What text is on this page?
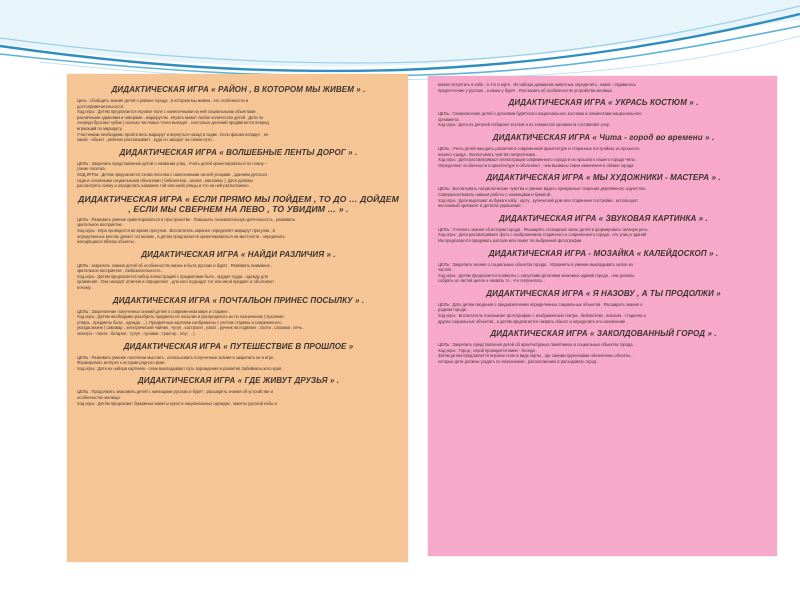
ДИДАКТИЧЕСКАЯ ИГРА « РАЙОН , В КОТОРОМ МЫ ЖИВЕМ » .
Цель : обобщить знания детей о районе города , в котором мы живем , его особенности и
достопримечательности .
Ход игры : Детям предлагается игровое поле с нанесенными на ней социальными объектами ,
различными зданиями и скверами , маршрутом . Играть может любое количество детей . Дети по
очереди бросают кубик ( сколько числовых точек выпадет , настолько делений продвигается вперед
играющий по маршруту .
Участникам необходимо пройти весь маршрут и вернуться назад в садик . Если фишка попадет , не
какой - объект , ребенок рассказывает , куда он заходит на своем пути .
ДИДАКТИЧЕСКАЯ ИГРА « ВОЛШЕБНЫЕ ЛЕНТЫ ДОРОГ » .
ЦЕЛЬ : Закрепить представления детей о названии улиц . Учить детей ориентироваться по плану –
схеме поселка .
ХОД ИГРЫ : Детям предлагается схема поселка с нанесенными на ней улицами , зданием детского
сада и основными социальными объектами ( библиотека , школа , магазины ). Дети должны
рассмотреть схему и определить название той или иной улицы и что на ней расположено .
ДИДАКТИЧЕСКАЯ ИГРА « ЕСЛИ ПРЯМО МЫ ПОЙДЕМ , ТО ДО … ДОЙДЕМ , ЕСЛИ МЫ СВЕРНЕМ НА ЛЕВО , ТО УВИДИМ … » .
ЦЕЛЬ : Развивать умение ориентироваться в пространстве . Повышать познавательную деятельность , развивать
зрительное восприятие .
Ход игры : Игра проводится во время прогулки . Воспитатель заранее определяет маршрут прогулки , в
определенных местах делает остановки , а детям предлагается ориентироваться на местности , определить
находящиеся вблизи объекты .
ДИДАКТИЧЕСКАЯ ИГРА « НАЙДИ РАЗЛИЧИЯ » .
ЦЕЛЬ : закрепить знания детей об особенностях жизни и быта русских и бурят . Развивать внимание ,
зрительное восприятие , любознательность .
Ход игры : Детям предлагается набор иллюстраций с предметами быта , орудия труда , одежду для
сравнения . Они находят отличия и определяют , для кого подходит тот или иной предмет и объясняют
почему .
ДИДАКТИЧЕСКАЯ ИГРА « ПОЧТАЛЬОН ПРИНЕС ПОСЫЛКУ » .
ЦЕЛЬ : Закрепление полученных знаний детей о современном мире и старине .
Ход игры : Детям необходимо разобрать предметы из посылки и распределить их по назначению ( кухонная
утварь , предметы быта , одежда …). Предметные картинки изображены с учетом старины и современного
уклада жизни ( самовар , электрический чайник , чугун , кастрюля , ухват , ручник на подвязке ; лапти , сапожки ; печь ,
электро – плита . батарея ; тулуп , пуховик ; трактор , плуг …)
ДИДАКТИЧЕСКАЯ ИГРА « ПУТЕШЕСТВИЕ В ПРОШЛОЕ »
ЦЕЛЬ : Развивать умение логически мыслить , использовать полученные знания и закрепить их в игре .
Формировать интерес к истории родного края .
Ход игры : Дети из набора картинок - схем выкладывают путь зарождения и развития Забайкальского края .
ДИДАКТИЧЕСКАЯ ИГРА « ГДЕ ЖИВУТ ДРУЗЬЯ » .
ЦЕЛЬ : Продолжать знакомить детей с жилищами русских и бурят ; расширять знания об устройстве и
особенностях жилища .
Ход игры : Детям предлагают бумажные макеты кукол в национальных одеждах , макеты русской избы и
можно встретить в избе , а что в юрте . Из набора домашних животных определить , каких - отдавалось
предпочтение у русских , а каких у бурят . Рассказать об особенностях устройства жилища .
ДИДАКТИЧЕСКАЯ ИГРА « УКРАСЬ КОСТЮМ » .
ЦЕЛЬ : Ознакомление детей с деталями бурятского национального костюма и элементами национального
орнамента .
Ход игры : Дети из деталей собирают костюм и из элементов орнамента составляют узор .
ДИДАКТИЧЕСКАЯ ИГРА « Чита - город во времени » .
ЦЕЛЬ : Учить детей находить различия в современной архитектуре и старинных постройках из прошлого
нашего города . Воспитывать чувство патриотизма .
Ход игры : Дети рассматривают иллюстрации современного города и из прошлого нашего города Читы .
Определяют особенности в архитектуре и объясняют , чем вызваны такие изменения в облике города .
ДИДАКТИЧЕСКАЯ ИГРА « МЫ ХУДОЖНИКИ - МАСТЕРА » .
ЦЕЛЬ : Воспитывать патриотические чувства и умение видеть прекрасные творения деревянного зодчества .
Совершенствовать навыки работы с ножницами и бумагой .
Ход игры : Дети вырезают из бумаги избу , юрту , купеческий дом или старинные постройки , используют
несложный орнамент в деталях украшения .
ДИДАКТИЧЕСКАЯ ИГРА « ЗВУКОВАЯ КАРТИНКА » .
ЦЕЛЬ : Уточнить знания об истории города . Расширять словарный запас детей и формировать связную речь .
Ход игры : Дети рассматривают фото с изображением старинного и современного города , его улиц и зданий .
Им предлагается придумать рассказ или сюжет по выбранной фотографии .
ДИДАКТИЧЕСКАЯ ИГРА - МОЗАЙКА « КАЛЕЙДОСКОП » .
ЦЕЛЬ : Закрепить знания о социальных объектах города . Упражнять в умении выкладывать целое из
частей .
Ход игры : Детям предлагается конверты с силуэтами деталями знакомых зданий города , они должны
собрать из частей целое и назвать то , что получилось .
ДИДАКТИЧЕСКАЯ ИГРА « Я НАЗОВУ , А ТЫ ПРОДОЛЖИ »
ЦЕЛЬ : Дать детям сведения о предназначении определенных социальных объектов . Расширить знания о
родном городе .
Ход игры : Воспитатель показывает фотографию с изображением театра , библиотеки , вокзала , стадиона и
других социальных объектов , а детям предлагается назвать объект и определить его назначение .
ДИДАКТИЧЕСКАЯ ИГРА « ЗАКОЛДОВАННЫЙ ГОРОД » .
ЦЕЛЬ : Закрепить представления детей об архитектурных памятниках и социальных объектах города .
Ход игры : Город ; игрой проводится мини - беседа .
Затем детям предлагается игровое поле в виде карты , где синими кружочками обозначены объекты ,
которые дети должны угадать по назначению , расположению в расходовать город .
